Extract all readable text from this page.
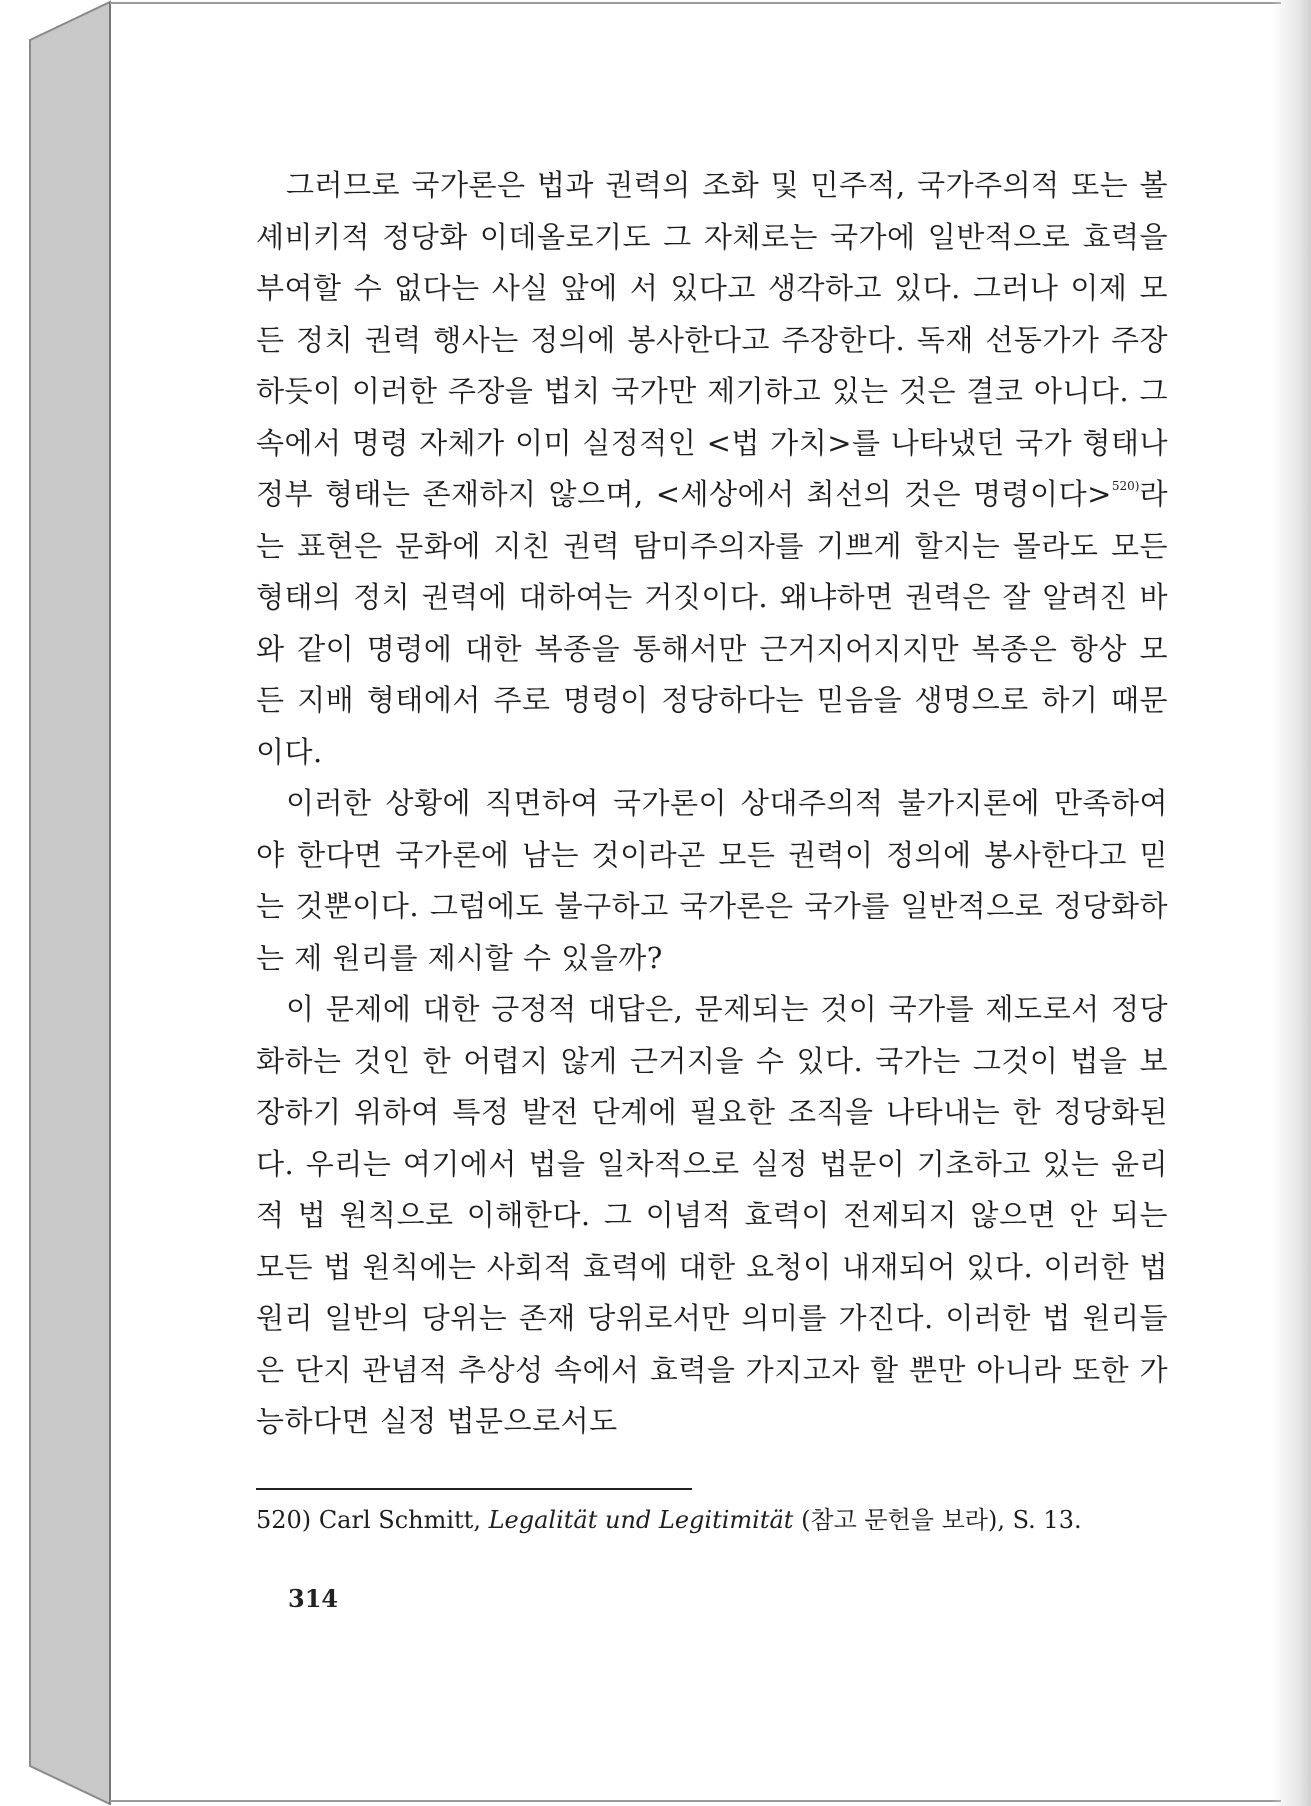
그러므로 국가론은 법과 권력의 조화 및 민주적, 국가주의적 또는 볼셰비키적 정당화 이데올로기도 그 자체로는 국가에 일반적으로 효력을 부여할 수 없다는 사실 앞에 서 있다고 생각하고 있다. 그러나 이제 모든 정치 권력 행사는 정의에 봉사한다고 주장한다. 독재 선동가가 주장하듯이 이러한 주장을 법치 국가만 제기하고 있는 것은 결코 아니다. 그 속에서 명령 자체가 이미 실정적인 <법 가치>를 나타냈던 국가 형태나 정부 형태는 존재하지 않으며, <세상에서 최선의 것은 명령이다>$^{520)}$라는 표현은 문화에 지친 권력 탐미주의자를 기쁘게 할지는 몰라도 모든 형태의 정치 권력에 대하여는 거짓이다. 왜냐하면 권력은 잘 알려진 바와 같이 명령에 대한 복종을 통해서만 근거지어지지만 복종은 항상 모든 지배 형태에서 주로 명령이 정당하다는 믿음을 생명으로 하기 때문이다.

이러한 상황에 직면하여 국가론이 상대주의적 불가지론에 만족하여야 한다면 국가론에 남는 것이라곤 모든 권력이 정의에 봉사한다고 믿는 것뿐이다. 그럼에도 불구하고 국가론은 국가를 일반적으로 정당화하는 제 원리를 제시할 수 있을까?

이 문제에 대한 긍정적 대답은, 문제되는 것이 국가를 제도로서 정당화하는 것인 한 어렵지 않게 근거지을 수 있다. 국가는 그것이 법을 보장하기 위하여 특정 발전 단계에 필요한 조직을 나타내는 한 정당화된다. 우리는 여기에서 법을 일차적으로 실정 법문이 기초하고 있는 윤리적 법 원칙으로 이해한다. 그 이념적 효력이 전제되지 않으면 안 되는 모든 법 원칙에는 사회적 효력에 대한 요청이 내재되어 있다. 이러한 법 원리 일반의 당위는 존재 당위로서만 의미를 가진다. 이러한 법 원리들은 단지 관념적 추상성 속에서 효력을 가지고자 할 뿐만 아니라 또한 가능하다면 실정 법문으로서도

520) Carl Schmitt, Legalität und Legitimität (참고 문헌을 보라), S. 13.
314
